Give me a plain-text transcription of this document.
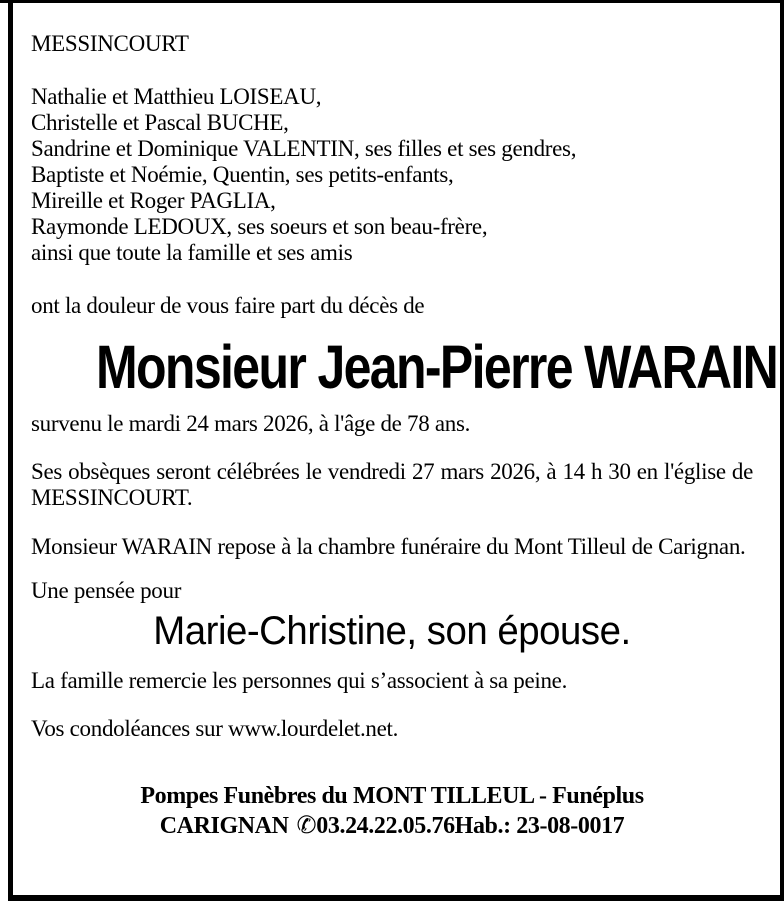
MESSINCOURT
Nathalie et Matthieu LOISEAU,
Christelle et Pascal BUCHE,
Sandrine et Dominique VALENTIN, ses filles et ses gendres,
Baptiste et Noémie, Quentin, ses petits-enfants,
Mireille et Roger PAGLIA,
Raymonde LEDOUX, ses soeurs et son beau-frère,
ainsi que toute la famille et ses amis
ont la douleur de vous faire part du décès de
Monsieur Jean-Pierre WARAIN
survenu le mardi 24 mars 2026, à l'âge de 78 ans.
Ses obsèques seront célébrées le vendredi 27 mars 2026, à 14 h 30 en l'église de MESSINCOURT.
Monsieur WARAIN repose à la chambre funéraire du Mont Tilleul de Carignan.
Une pensée pour
Marie-Christine, son épouse.
La famille remercie les personnes qui s’associent à sa peine.
Vos condoléances sur www.lourdelet.net.
Pompes Funèbres du MONT TILLEUL - Funéplus
CARIGNAN ✆03.24.22.05.76Hab.: 23-08-0017
